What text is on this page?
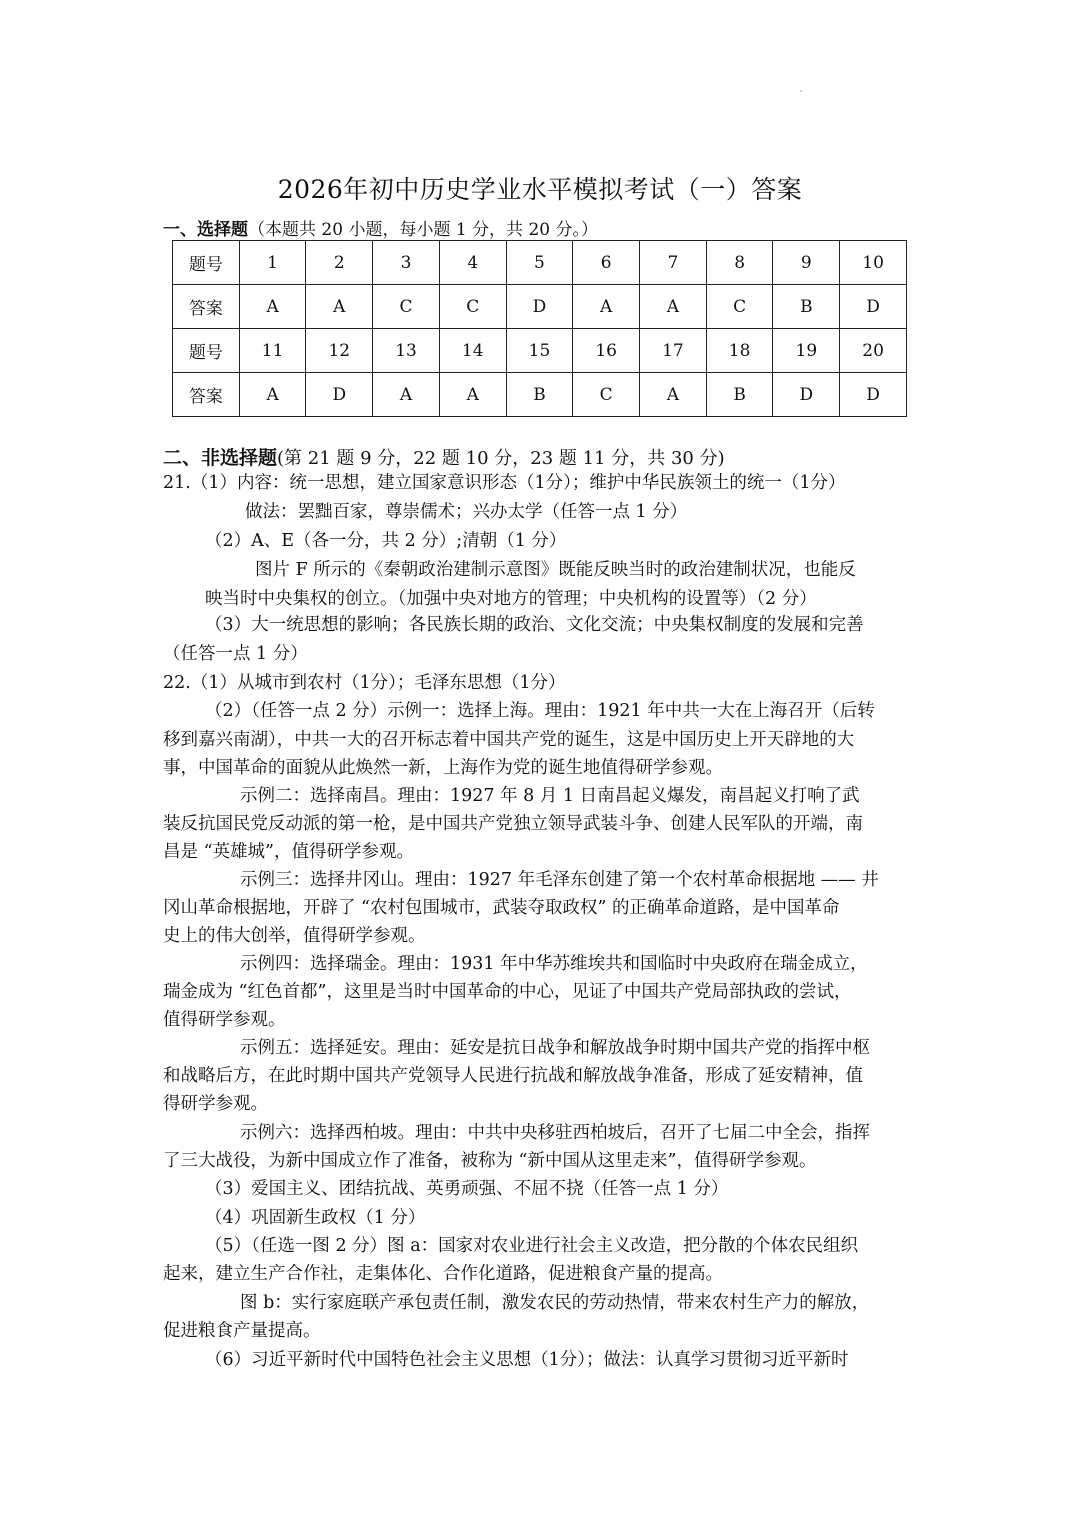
2026年初中历史学业水平模拟考试（一）答案
一、选择题（本题共 20 小题，每小题 1 分，共 20 分。）
题号	1	2	3	4	5	6	7	8	9	10
答案	A	A	C	C	D	A	A	C	B	D
题号	11	12	13	14	15	16	17	18	19	20
答案	A	D	A	A	B	C	A	B	D	D
二、非选择题(第 21 题 9 分，22 题 10 分，23 题 11 分，共 30 分)
21.（1）内容：统一思想，建立国家意识形态（1分）；维护中华民族领土的统一（1分）
做法：罢黜百家，尊崇儒术；兴办太学（任答一点 1 分）
（2）A、E（各一分，共 2 分）;清朝（1 分）
图片 F 所示的《秦朝政治建制示意图》既能反映当时的政治建制状况，也能反
映当时中央集权的创立。（加强中央对地方的管理；中央机构的设置等）（2 分）
（3）大一统思想的影响；各民族长期的政治、文化交流；中央集权制度的发展和完善
（任答一点 1 分）
22.（1）从城市到农村（1分）；毛泽东思想（1分）
（2）（任答一点 2 分）示例一：选择上海。理由：1921 年中共一大在上海召开（后转
移到嘉兴南湖），中共一大的召开标志着中国共产党的诞生，这是中国历史上开天辟地的大
事，中国革命的面貌从此焕然一新，上海作为党的诞生地值得研学参观。
示例二：选择南昌。理由：1927 年 8 月 1 日南昌起义爆发，南昌起义打响了武
装反抗国民党反动派的第一枪，是中国共产党独立领导武装斗争、创建人民军队的开端，南
昌是 “英雄城”，值得研学参观。
示例三：选择井冈山。理由：1927 年毛泽东创建了第一个农村革命根据地 —— 井
冈山革命根据地，开辟了 “农村包围城市，武装夺取政权” 的正确革命道路，是中国革命
史上的伟大创举，值得研学参观。
示例四：选择瑞金。理由：1931 年中华苏维埃共和国临时中央政府在瑞金成立，
瑞金成为 “红色首都”，这里是当时中国革命的中心，见证了中国共产党局部执政的尝试，
值得研学参观。
示例五：选择延安。理由：延安是抗日战争和解放战争时期中国共产党的指挥中枢
和战略后方，在此时期中国共产党领导人民进行抗战和解放战争准备，形成了延安精神，值
得研学参观。
示例六：选择西柏坡。理由：中共中央移驻西柏坡后，召开了七届二中全会，指挥
了三大战役，为新中国成立作了准备，被称为 “新中国从这里走来”，值得研学参观。
（3）爱国主义、团结抗战、英勇顽强、不屈不挠（任答一点 1 分）
（4）巩固新生政权（1 分）
（5）（任选一图 2 分）图 a：国家对农业进行社会主义改造，把分散的个体农民组织
起来，建立生产合作社，走集体化、合作化道路，促进粮食产量的提高。
图 b：实行家庭联产承包责任制，激发农民的劳动热情，带来农村生产力的解放，
促进粮食产量提高。
（6）习近平新时代中国特色社会主义思想（1分）；做法：认真学习贯彻习近平新时
